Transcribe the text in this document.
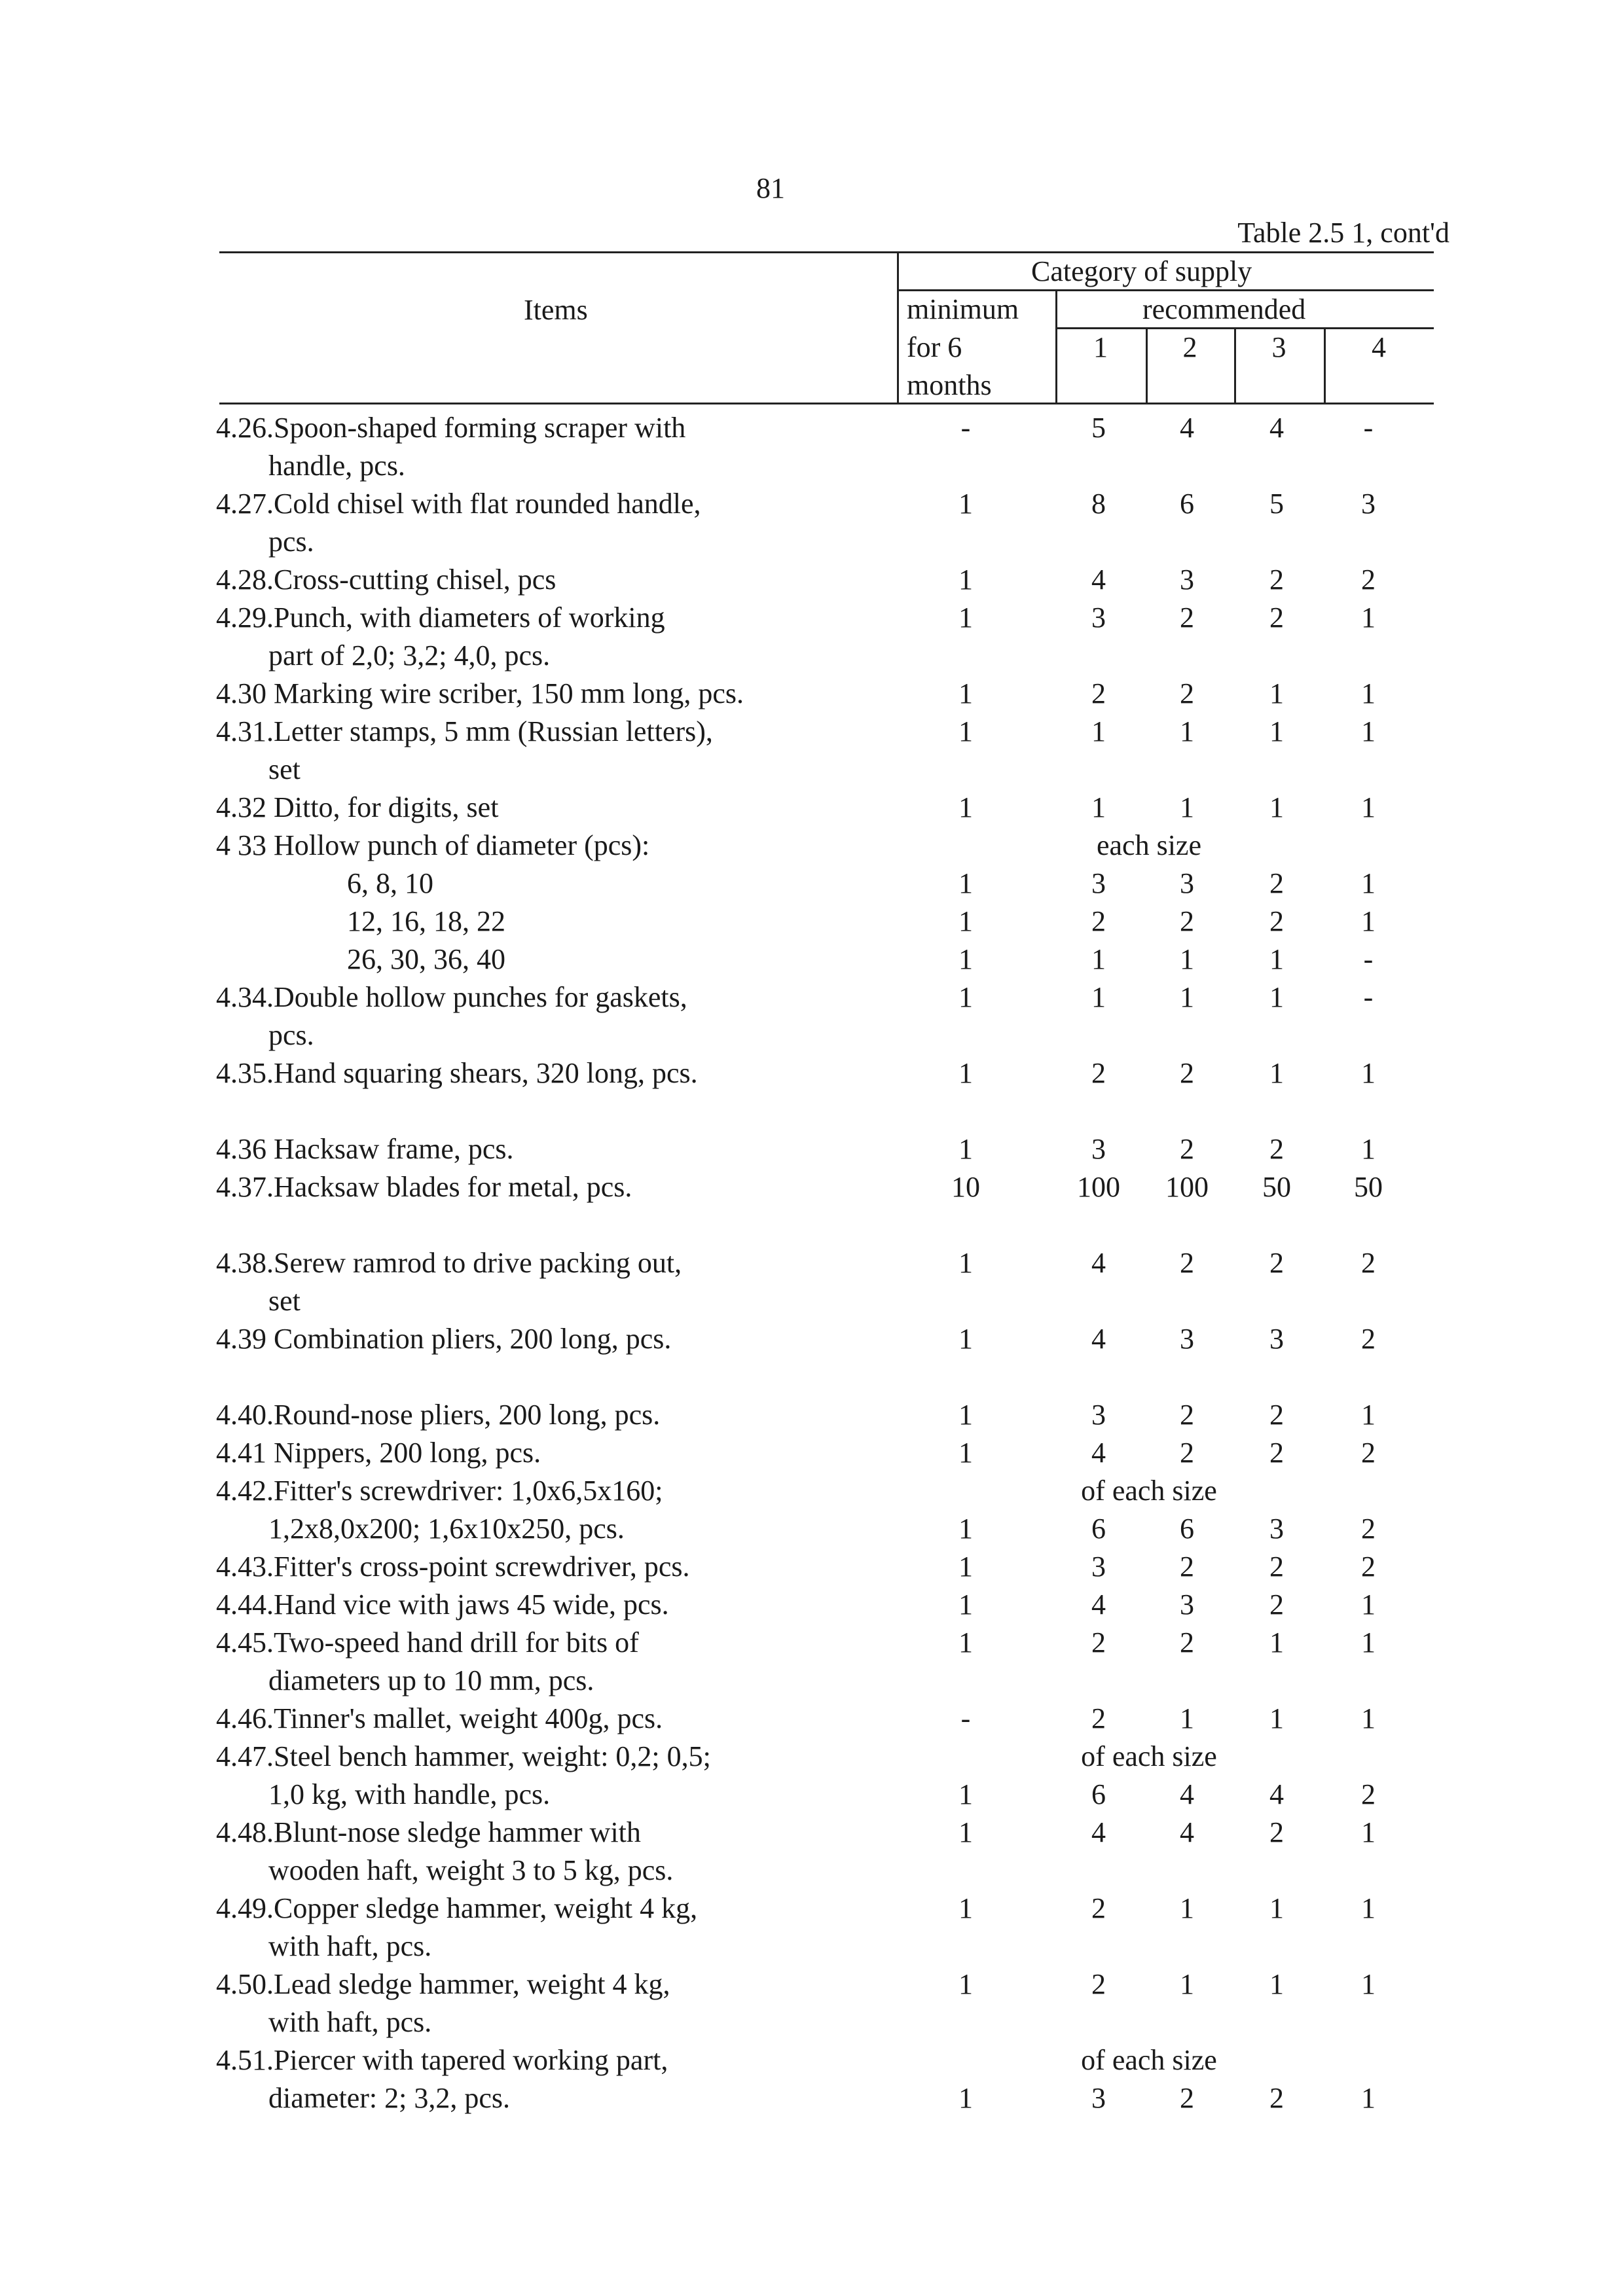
81
Table 2.5 1, cont'd
Items
Category of supply
minimum
for 6
months
recommended
1	2	3	4
4.26.Spoon-shaped forming scraper with	-	5	4	4	-
handle, pcs.
4.27.Cold chisel with flat rounded handle,	1	8	6	5	3
pcs.
4.28.Cross-cutting chisel, pcs	1	4	3	2	2
4.29.Punch, with diameters of working	1	3	2	2	1
part of 2,0; 3,2; 4,0, pcs.
4.30 Marking wire scriber, 150 mm long, pcs.	1	2	2	1	1
4.31.Letter stamps, 5 mm (Russian letters),	1	1	1	1	1
set
4.32 Ditto, for digits, set	1	1	1	1	1
4 33 Hollow punch of diameter (pcs):	each size
6, 8, 10	1	3	3	2	1
12, 16, 18, 22	1	2	2	2	1
26, 30, 36, 40	1	1	1	1	-
4.34.Double hollow punches for gaskets,	1	1	1	1	-
pcs.
4.35.Hand squaring shears, 320 long, pcs.	1	2	2	1	1
4.36 Hacksaw frame, pcs.	1	3	2	2	1
4.37.Hacksaw blades for metal, pcs.	10	100	100	50	50
4.38.Serew ramrod to drive packing out,	1	4	2	2	2
set
4.39 Combination pliers, 200 long, pcs.	1	4	3	3	2
4.40.Round-nose pliers, 200 long, pcs.	1	3	2	2	1
4.41 Nippers, 200 long, pcs.	1	4	2	2	2
4.42.Fitter's screwdriver: 1,0x6,5x160;	of each size
1,2x8,0x200; 1,6x10x250, pcs.	1	6	6	3	2
4.43.Fitter's cross-point screwdriver, pcs.	1	3	2	2	2
4.44.Hand vice with jaws 45 wide, pcs.	1	4	3	2	1
4.45.Two-speed hand drill for bits of	1	2	2	1	1
diameters up to 10 mm, pcs.
4.46.Tinner's mallet, weight 400g, pcs.	-	2	1	1	1
4.47.Steel bench hammer, weight: 0,2; 0,5;	of each size
1,0 kg, with handle, pcs.	1	6	4	4	2
4.48.Blunt-nose sledge hammer with	1	4	4	2	1
wooden haft, weight 3 to 5 kg, pcs.
4.49.Copper sledge hammer, weight 4 kg,	1	2	1	1	1
with haft, pcs.
4.50.Lead sledge hammer, weight 4 kg,	1	2	1	1	1
with haft, pcs.
4.51.Piercer with tapered working part,	of each size
diameter: 2; 3,2, pcs.	1	3	2	2	1
